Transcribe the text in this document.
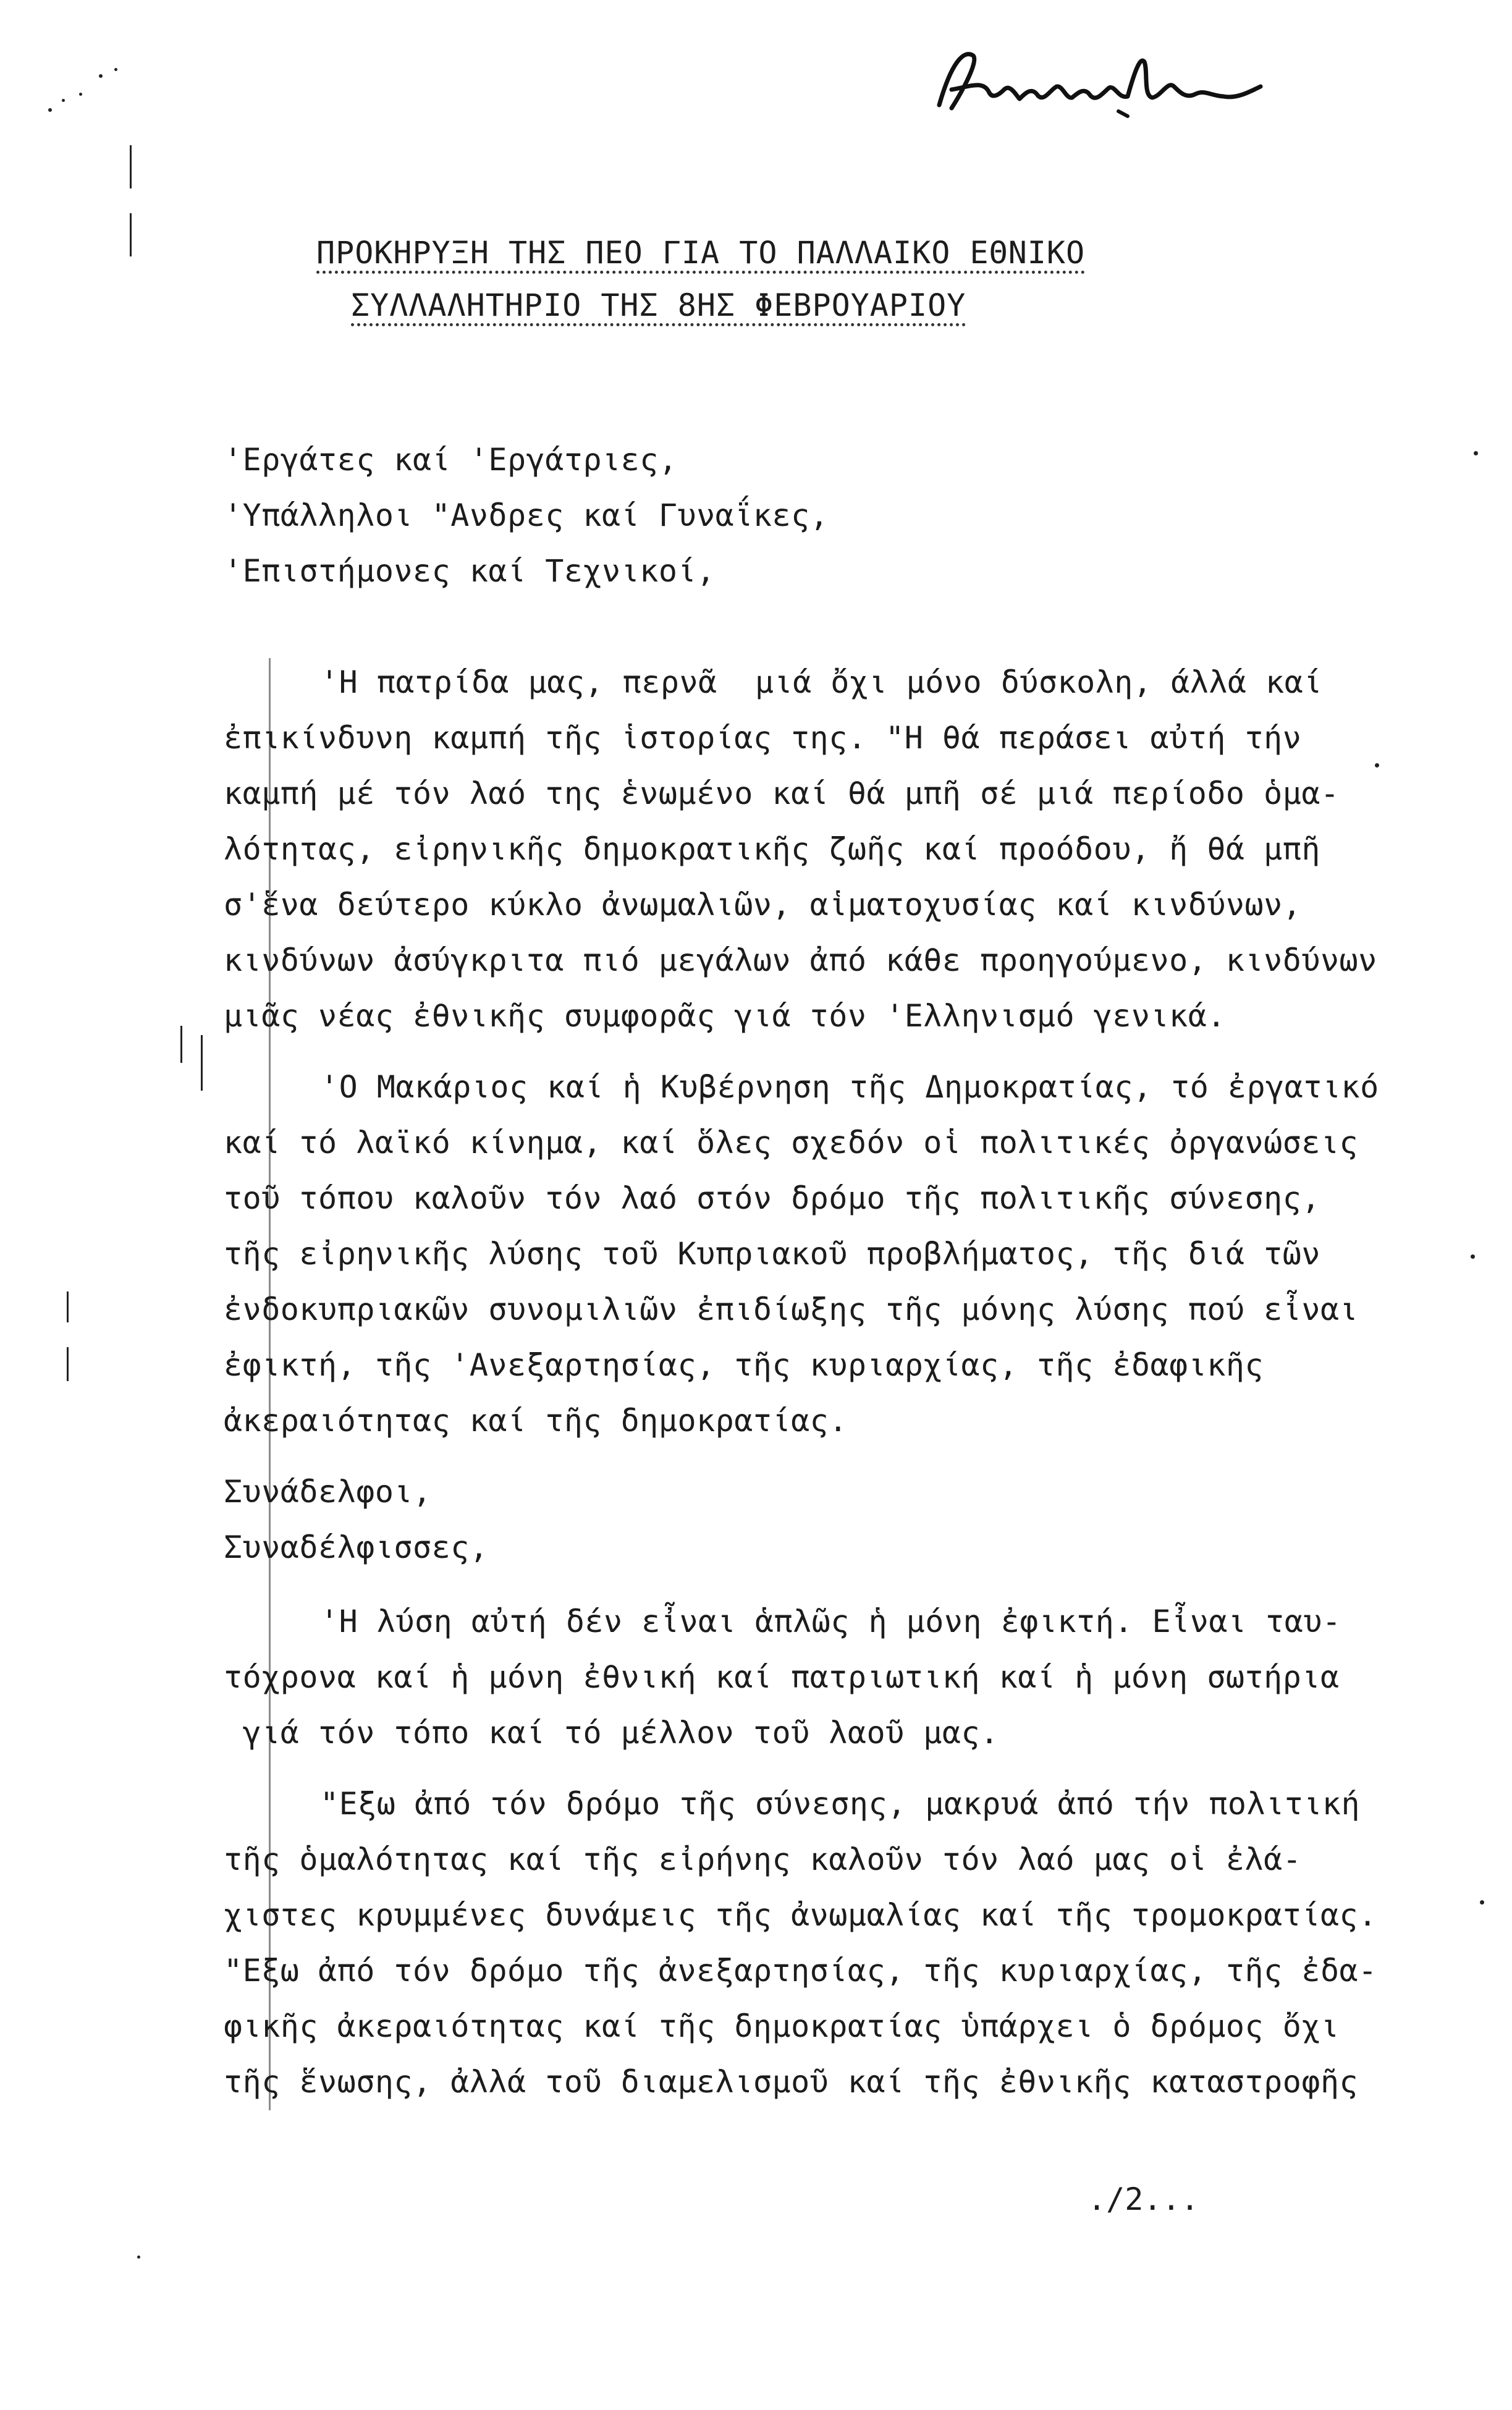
ΠΡΟΚΗΡΥΞΗ ΤΗΣ ΠΕΟ ΓΙΑ ΤΟ ΠΑΛΛΑΙΚΟ ΕΘΝΙΚΟ
ΣΥΛΛΑΛΗΤΗΡΙΟ ΤΗΣ 8ΗΣ ΦΕΒΡΟΥΑΡΙΟΥ
'Εργάτες καί 'Εργάτριες,
'Υπάλληλοι "Ανδρες καί Γυναΐκες,
'Επιστήμονες καί Τεχνικοί,
'Η πατρίδα μας, περνᾶ  μιά ὄχι μόνο δύσκολη, άλλά καί
ἐπικίνδυνη καμπή τῆς ἱστορίας της. "Η θά περάσει αὐτή τήν
καμπή μέ τόν λαό της ἑνωμένο καί θά μπῆ σέ μιά περίοδο ὁμα-
λότητας, εἰρηνικῆς δημοκρατικῆς ζωῆς καί προόδου, ἤ θά μπῆ
σ'ἕνα δεύτερο κύκλο ἀνωμαλιῶν, αἱματοχυσίας καί κινδύνων,
κινδύνων ἀσύγκριτα πιό μεγάλων ἀπό κάθε προηγούμενο, κινδύνων
μιᾶς νέας ἐθνικῆς συμφορᾶς γιά τόν 'Ελληνισμό γενικά.
'Ο Μακάριος καί ἡ Κυβέρνηση τῆς Δημοκρατίας, τό ἐργατικό
καί τό λαϊκό κίνημα, καί ὅλες σχεδόν οἱ πολιτικές ὀργανώσεις
τοῦ τόπου καλοῦν τόν λαό στόν δρόμο τῆς πολιτικῆς σύνεσης,
τῆς εἰρηνικῆς λύσης τοῦ Κυπριακοῦ προβλήματος, τῆς διά τῶν
ἐνδοκυπριακῶν συνομιλιῶν ἐπιδίωξης τῆς μόνης λύσης πού εἶναι
ἐφικτή, τῆς 'Ανεξαρτησίας, τῆς κυριαρχίας, τῆς ἐδαφικῆς
ἀκεραιότητας καί τῆς δημοκρατίας.
Συνάδελφοι,
Συναδέλφισσες,
'Η λύση αὐτή δέν εἶναι ἁπλῶς ἡ μόνη ἐφικτή. Εἶναι ταυ-
τόχρονα καί ἡ μόνη ἐθνική καί πατριωτική καί ἡ μόνη σωτήρια
γιά τόν τόπο καί τό μέλλον τοῦ λαοῦ μας.
"Εξω ἀπό τόν δρόμο τῆς σύνεσης, μακρυά ἀπό τήν πολιτική
τῆς ὁμαλότητας καί τῆς εἰρήνης καλοῦν τόν λαό μας οἱ ἐλά-
χιστες κρυμμένες δυνάμεις τῆς ἀνωμαλίας καί τῆς τρομοκρατίας.
"Εξω ἀπό τόν δρόμο τῆς ἀνεξαρτησίας, τῆς κυριαρχίας, τῆς ἐδα-
φικῆς ἀκεραιότητας καί τῆς δημοκρατίας ὑπάρχει ὁ δρόμος ὄχι
τῆς ἕνωσης, ἀλλά τοῦ διαμελισμοῦ καί τῆς ἐθνικῆς καταστροφῆς
./2...
